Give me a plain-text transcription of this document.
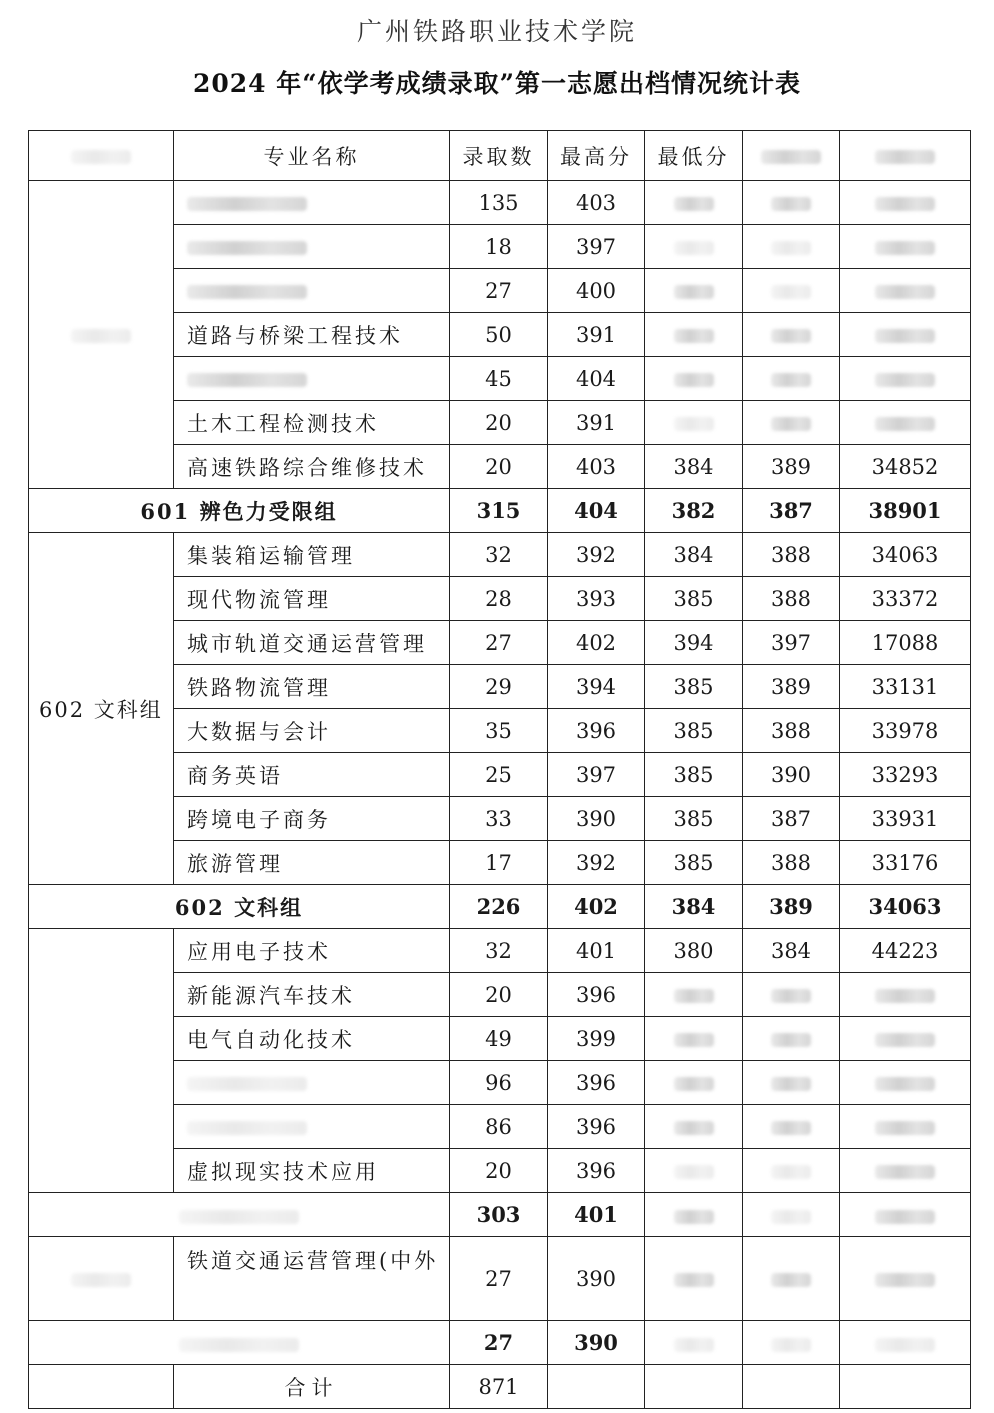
广州铁路职业技术学院
2024 年“依学考成绩录取”第一志愿出档情况统计表
	专业名称	录取数	最高分	最低分		
		135	403			
		18	397			
		27	400			
	道路与桥梁工程技术	50	391			
		45	404			
	土木工程检测技术	20	391			
	高速铁路综合维修技术	20	403	384	389	34852
601 辨色力受限组		315	404	382	387	38901
602 文科组	集装箱运输管理	32	392	384	388	34063
	现代物流管理	28	393	385	388	33372
	城市轨道交通运营管理	27	402	394	397	17088
	铁路物流管理	29	394	385	389	33131
	大数据与会计	35	396	385	388	33978
	商务英语	25	397	385	390	33293
	跨境电子商务	33	390	385	387	33931
	旅游管理	17	392	385	388	33176
602 文科组		226	402	384	389	34063
	应用电子技术	32	401	380	384	44223
	新能源汽车技术	20	396			
	电气自动化技术	49	399			
		96	396			
		86	396			
	虚拟现实技术应用	20	396			
		303	401			
	铁道交通运营管理(中外	27	390			
		27	390			
	合计	871				
